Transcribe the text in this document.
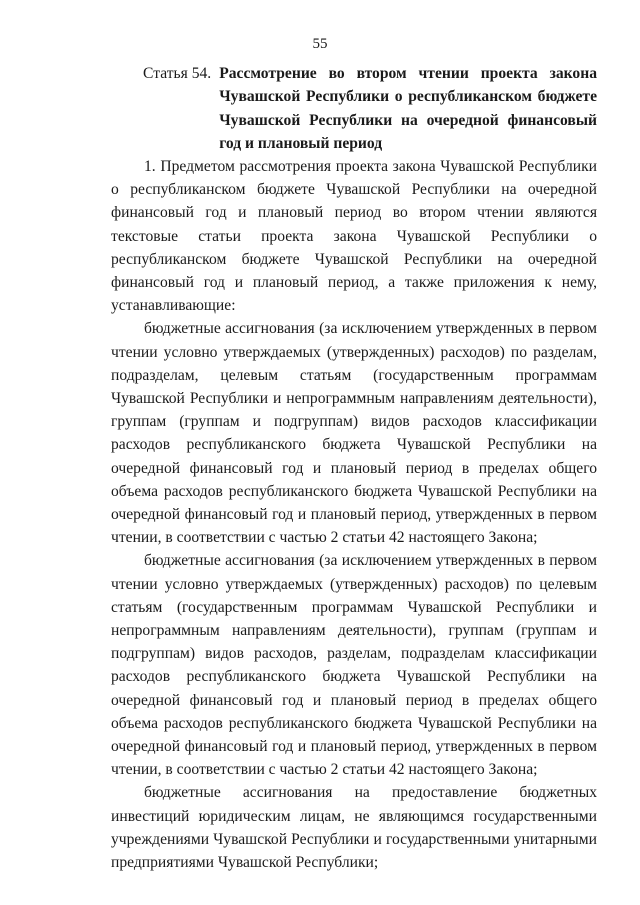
55
Статья 54. Рассмотрение во втором чтении проекта закона Чувашской Республики о республиканском бюджете Чувашской Республики на очередной финансовый год и плановый период

1. Предметом рассмотрения проекта закона Чувашской Республики о республиканском бюджете Чувашской Республики на очередной финансовый год и плановый период во втором чтении являются текстовые статьи проекта закона Чувашской Республики о республиканском бюджете Чувашской Республики на очередной финансовый год и плановый период, а также приложения к нему, устанавливающие:

бюджетные ассигнования (за исключением утвержденных в первом чтении условно утверждаемых (утвержденных) расходов) по разделам, подразделам, целевым статьям (государственным программам Чувашской Республики и непрограммным направлениям деятельности), группам (группам и подгруппам) видов расходов классификации расходов республиканского бюджета Чувашской Республики на очередной финансовый год и плановый период в пределах общего объема расходов республиканского бюджета Чувашской Республики на очередной финансовый год и плановый период, утвержденных в первом чтении, в соответствии с частью 2 статьи 42 настоящего Закона;

бюджетные ассигнования (за исключением утвержденных в первом чтении условно утверждаемых (утвержденных) расходов) по целевым статьям (государственным программам Чувашской Республики и непрограммным направлениям деятельности), группам (группам и подгруппам) видов расходов, разделам, подразделам классификации расходов республиканского бюджета Чувашской Республики на очередной финансовый год и плановый период в пределах общего объема расходов республиканского бюджета Чувашской Республики на очередной финансовый год и плановый период, утвержденных в первом чтении, в соответствии с частью 2 статьи 42 настоящего Закона;

бюджетные ассигнования на предоставление бюджетных инвестиций юридическим лицам, не являющимся государственными учреждениями Чувашской Республики и государственными унитарными предприятиями Чувашской Республики;
